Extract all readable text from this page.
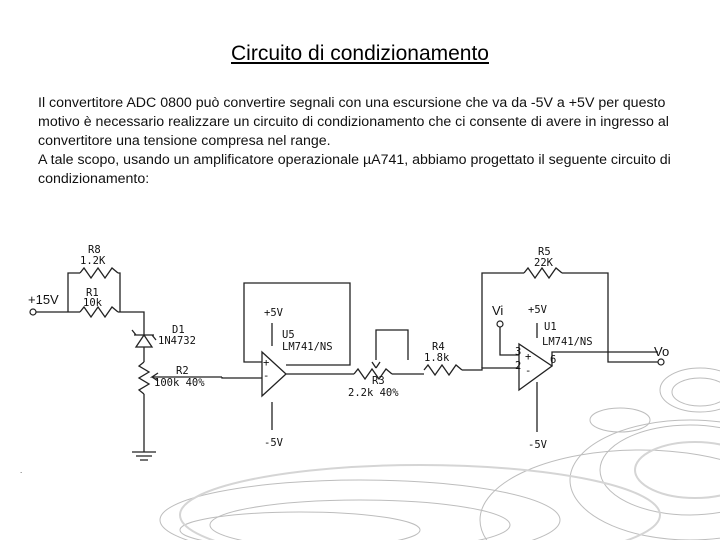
Circuito di condizionamento

Il convertitore ADC 0800 può convertire segnali con una escursione che va da -5V a +5V per questo motivo è necessario realizzare un circuito di condizionamento che ci consente di avere in ingresso al convertitore una tensione compresa nel range.

A tale scopo, usando un amplificatore operazionale µA741, abbiamo progettato il seguente circuito di condizionamento:

+15V	R1
10k
R8
1.2K
D1
1N4732
R2
100k 40%
+5V
U5
LM741/NS
-5V
+
-	R3
2.2k 40%
R4
1.8k
R5
22K
Vi +5V
U1
LM741/NS
-5V
3
2	6
+
-
Vo
.
